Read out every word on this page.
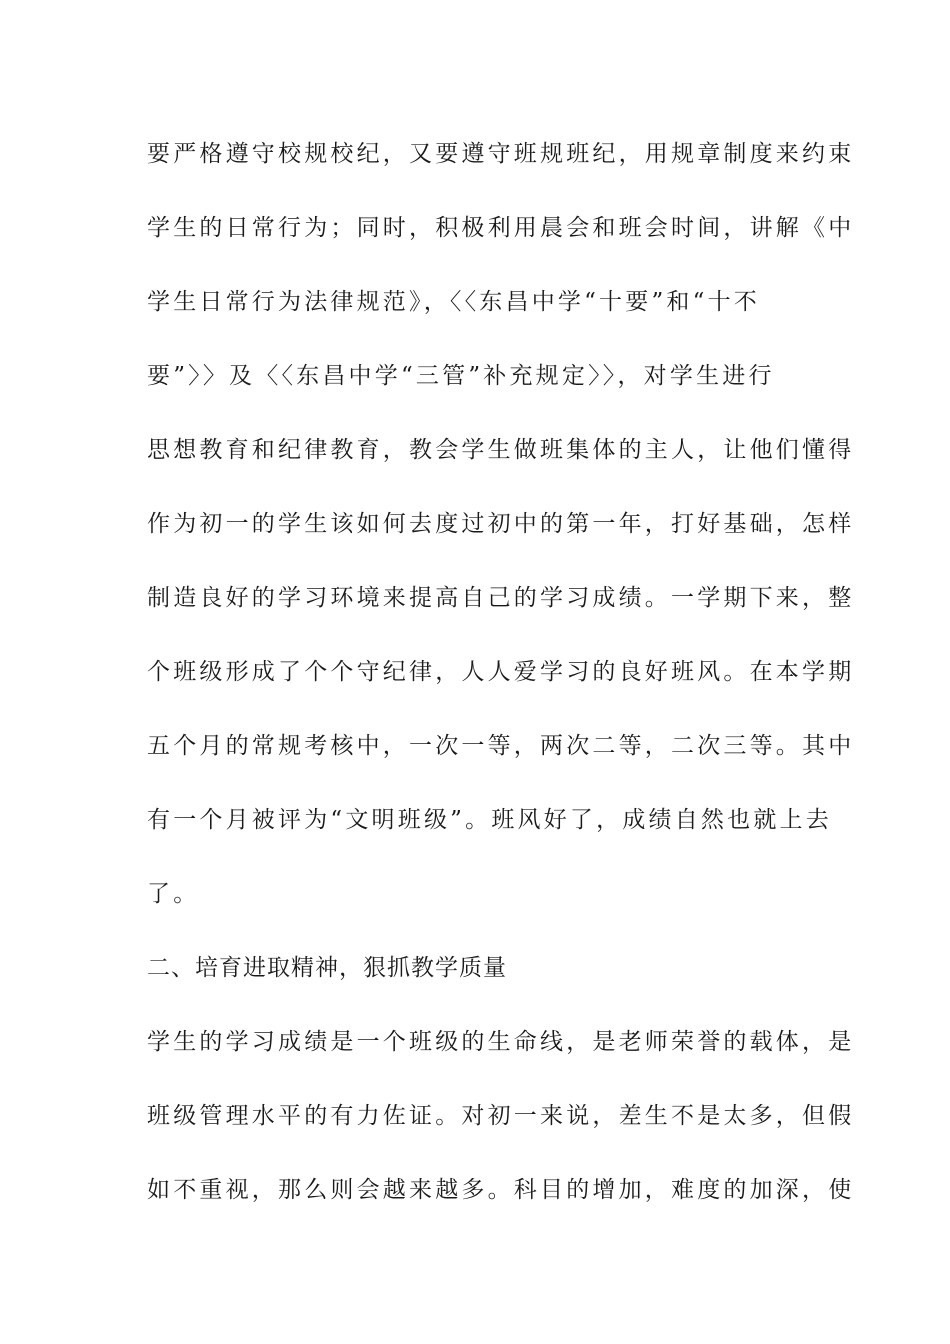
要严格遵守校规校纪，又要遵守班规班纪，用规章制度来约束
学生的日常行为；同时，积极利用晨会和班会时间，讲解《中
学生日常行为法律规范》，〈〈东昌中学“十要”和“十不
要”〉〉及〈〈东昌中学“三管”补充规定〉〉，对学生进行
思想教育和纪律教育，教会学生做班集体的主人，让他们懂得
作为初一的学生该如何去度过初中的第一年，打好基础，怎样
制造良好的学习环境来提高自己的学习成绩。一学期下来，整
个班级形成了个个守纪律，人人爱学习的良好班风。在本学期
五个月的常规考核中，一次一等，两次二等，二次三等。其中
有一个月被评为“文明班级”。班风好了，成绩自然也就上去
了。
二、培育进取精神，狠抓教学质量
学生的学习成绩是一个班级的生命线，是老师荣誉的载体，是
班级管理水平的有力佐证。对初一来说，差生不是太多，但假
如不重视，那么则会越来越多。科目的增加，难度的加深，使
